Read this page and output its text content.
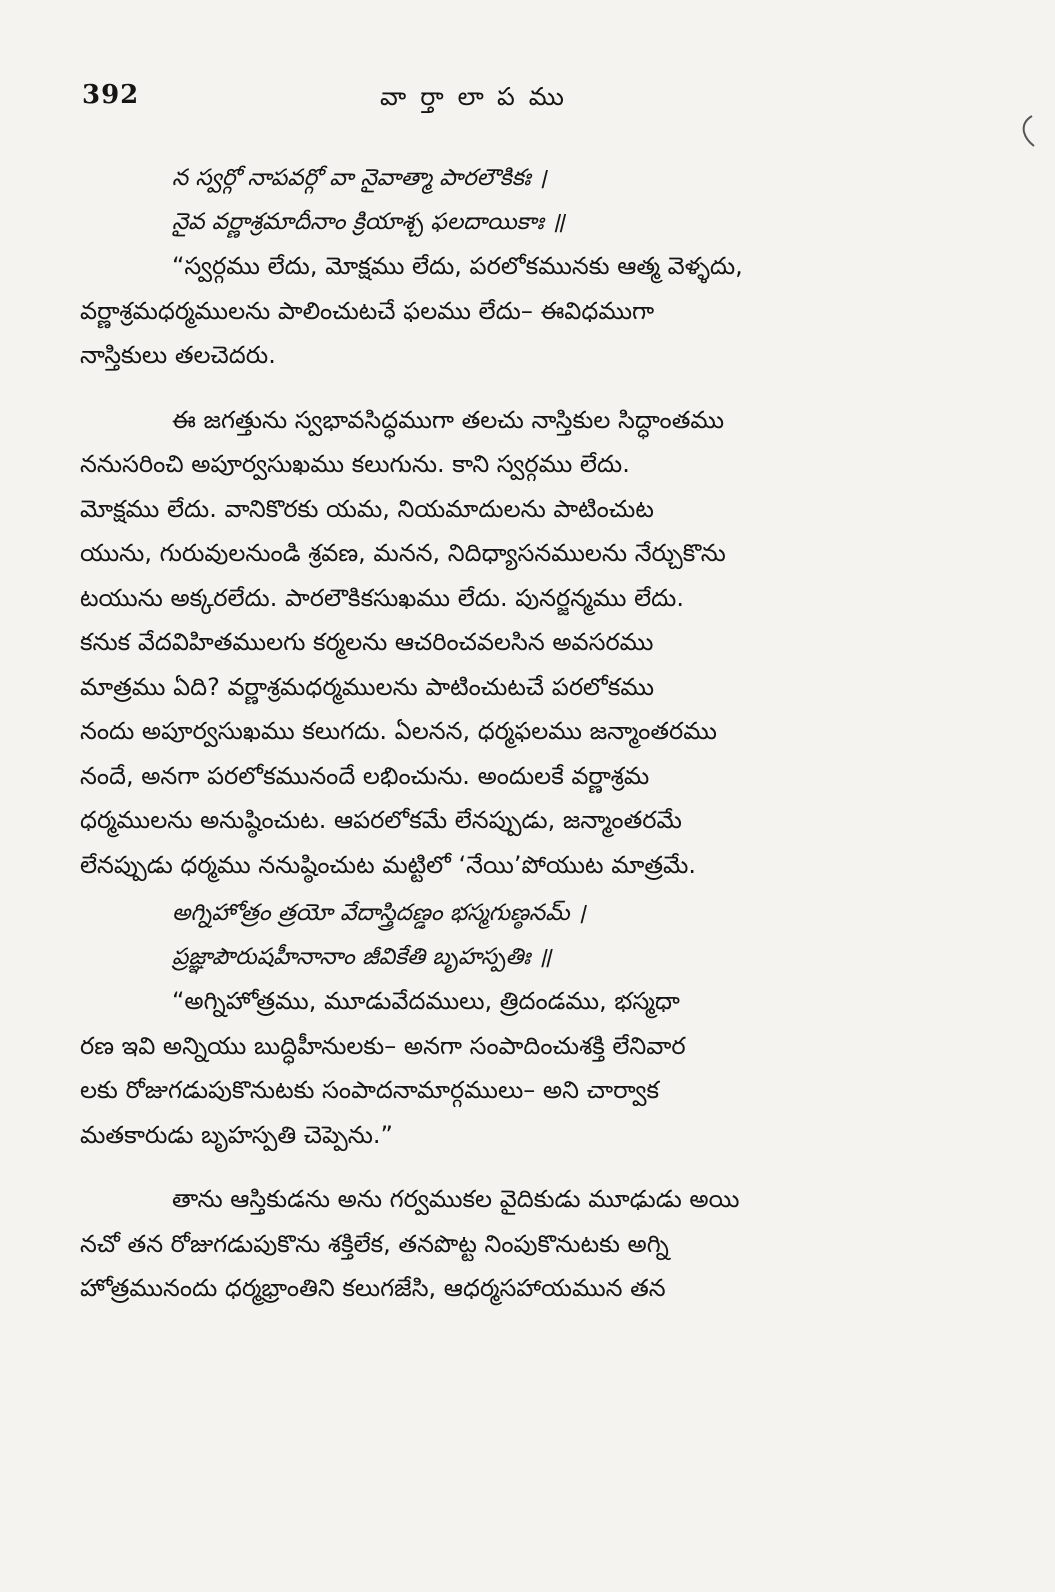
392	వార్తాలాపము
న స్వర్గో నాపవర్గో వా నైవాత్మా పారలౌకికః ।
నైవ వర్ణాశ్రమాదీనాం క్రియాశ్చ ఫలదాయికాః ॥
“స్వర్గము లేదు, మోక్షము లేదు, పరలోకమునకు ఆత్మ వెళ్ళదు,
వర్ణాశ్రమధర్మములను పాలించుటచే ఫలము లేదు– ఈవిధముగా
నాస్తికులు తలచెదరు.
ఈ జగత్తును స్వభావసిద్ధముగా తలచు నాస్తికుల సిద్ధాంతము
ననుసరించి అపూర్వసుఖము కలుగును. కాని స్వర్గము లేదు.
మోక్షము లేదు. వానికొరకు యమ, నియమాదులను పాటించుట
యును, గురువులనుండి శ్రవణ, మనన, నిదిధ్యాసనములను నేర్చుకొను
టయును అక్కరలేదు. పారలౌకికసుఖము లేదు. పునర్జన్మము లేదు.
కనుక వేదవిహితములగు కర్మలను ఆచరించవలసిన అవసరము
మాత్రము ఏది? వర్ణాశ్రమధర్మములను పాటించుటచే పరలోకము
నందు అపూర్వసుఖము కలుగదు. ఏలనన, ధర్మఫలము జన్మాంతరము
నందే, అనగా పరలోకమునందే లభించును. అందులకే వర్ణాశ్రమ
ధర్మములను అనుష్ఠించుట. ఆపరలోకమే లేనప్పుడు, జన్మాంతరమే
లేనప్పుడు ధర్మము ననుష్ఠించుట మట్టిలో ‘నేయి’పోయుట మాత్రమే.
అగ్నిహోత్రం త్రయో వేదాస్త్రిదణ్డం భస్మగుణ్ఠనమ్ ।
ప్రజ్ఞాపౌరుషహీనానాం జీవికేతి బృహస్పతిః ॥
“అగ్నిహోత్రము, మూడువేదములు, త్రిదండము, భస్మధా
రణ ఇవి అన్నియు బుద్ధిహీనులకు– అనగా సంపాదించుశక్తి లేనివార
లకు రోజుగడుపుకొనుటకు సంపాదనామార్గములు– అని చార్వాక
మతకారుడు బృహస్పతి చెప్పెను.”
తాను ఆస్తికుడను అను గర్వముకల వైదికుడు మూఢుడు అయి
నచో తన రోజుగడుపుకొను శక్తిలేక, తనపొట్ట నింపుకొనుటకు అగ్ని
హోత్రమునందు ధర్మభ్రాంతిని కలుగజేసి, ఆధర్మసహాయమున తన
